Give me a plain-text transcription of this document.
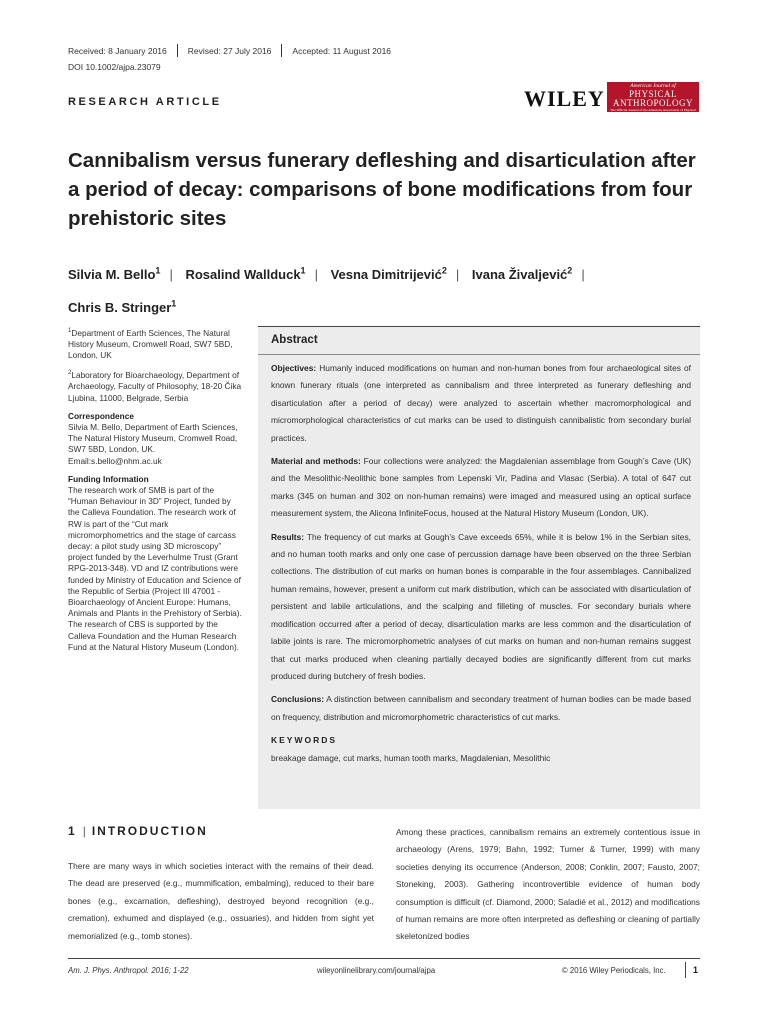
Received: 8 January 2016 Revised: 27 July 2016 Accepted: 11 August 2016
DOI 10.1002/ajpa.23079
RESEARCH ARTICLE	WILEY	American Journal of
PHYSICAL
ANTHROPOLOGY
The Official Journal of the American Association of Physical Anthropologists
Cannibalism versus funerary defleshing and disarticulation after a period of decay: comparisons of bone modifications from four prehistoric sites
Silvia M. Bello$^1$ | Rosalind Wallduck$^1$ | Vesna Dimitrijević$^2$ | Ivana Živaljević$^2$ |
Chris B. Stringer$^1$

$^1$Department of Earth Sciences, The Natural History Museum, Cromwell Road, SW7 5BD, London, UK

$^2$Laboratory for Bioarchaeology, Department of Archaeology, Faculty of Philosophy, 18-20 Čika Ljubina, 11000, Belgrade, Serbia

Correspondence

Silvia M. Bello, Department of Earth Sciences, The Natural History Museum, Cromwell Road, SW7 5BD, London, UK.

Email:s.bello@nhm.ac.uk

Funding Information

The research work of SMB is part of the “Human Behaviour in 3D” Project, funded by the Calleva Foundation. The research work of RW is part of the “Cut mark micromorphometrics and the stage of carcass decay: a pilot study using 3D microscopy” project funded by the Leverhulme Trust (Grant RPG-2013-348). VD and IZ contributions were funded by Ministry of Education and Science of the Republic of Serbia (Project III 47001 - Bioarchaeology of Ancient Europe: Humans, Animals and Plants in the Prehistory of Serbia). The research of CBS is supported by the Calleva Foundation and the Human Research Fund at the Natural History Museum (London).

Abstract

Objectives: Humanly induced modifications on human and non-human bones from four archaeological sites of known funerary rituals (one interpreted as cannibalism and three interpreted as funerary defleshing and disarticulation after a period of decay) were analyzed to ascertain whether macromorphological and micromorphological characteristics of cut marks can be used to distinguish cannibalistic from secondary burial practices.

Material and methods: Four collections were analyzed: the Magdalenian assemblage from Gough’s Cave (UK) and the Mesolithic-Neolithic bone samples from Lepenski Vir, Padina and Vlasac (Serbia). A total of 647 cut marks (345 on human and 302 on non-human remains) were imaged and measured using an optical surface measurement system, the Alicona InfiniteFocus, housed at the Natural History Museum (London, UK).

Results: The frequency of cut marks at Gough’s Cave exceeds 65%, while it is below 1% in the Serbian sites, and no human tooth marks and only one case of percussion damage have been observed on the three Serbian collections. The distribution of cut marks on human bones is comparable in the four assemblages. Cannibalized human remains, however, present a uniform cut mark distribution, which can be associated with disarticulation of persistent and labile articulations, and the scalping and filleting of muscles. For secondary burials where modification occurred after a period of decay, disarticulation marks are less common and the disarticulation of labile joints is rare. The micromorphometric analyses of cut marks on human and non-human remains suggest that cut marks produced when cleaning partially decayed bodies are significantly different from cut marks produced during butchery of fresh bodies.

Conclusions: A distinction between cannibalism and secondary treatment of human bodies can be made based on frequency, distribution and micromorphometric characteristics of cut marks.

KEYWORDS

breakage damage, cut marks, human tooth marks, Magdalenian, Mesolithic

1 | INTRODUCTION

There are many ways in which societies interact with the remains of their dead. The dead are preserved (e.g., mummification, embalming), reduced to their bare bones (e.g., excarnation, defleshing), destroyed beyond recognition (e.g., cremation), exhumed and displayed (e.g., ossuaries), and hidden from sight yet memorialized (e.g., tomb stones).

Among these practices, cannibalism remains an extremely contentious issue in archaeology (Arens, 1979; Bahn, 1992; Turner & Turner, 1999) with many societies denying its occurrence (Anderson, 2008; Conklin, 2007; Fausto, 2007; Stoneking, 2003). Gathering incontrovertible evidence of human body consumption is difficult (cf. Diamond, 2000; Saladié et al., 2012) and modifications of human remains are more often interpreted as defleshing or cleaning of partially skeletonized bodies

Am. J. Phys. Anthropol. 2016; 1-22	wileyonlinelibrary.com/journal/ajpa	© 2016 Wiley Periodicals, Inc.	1
